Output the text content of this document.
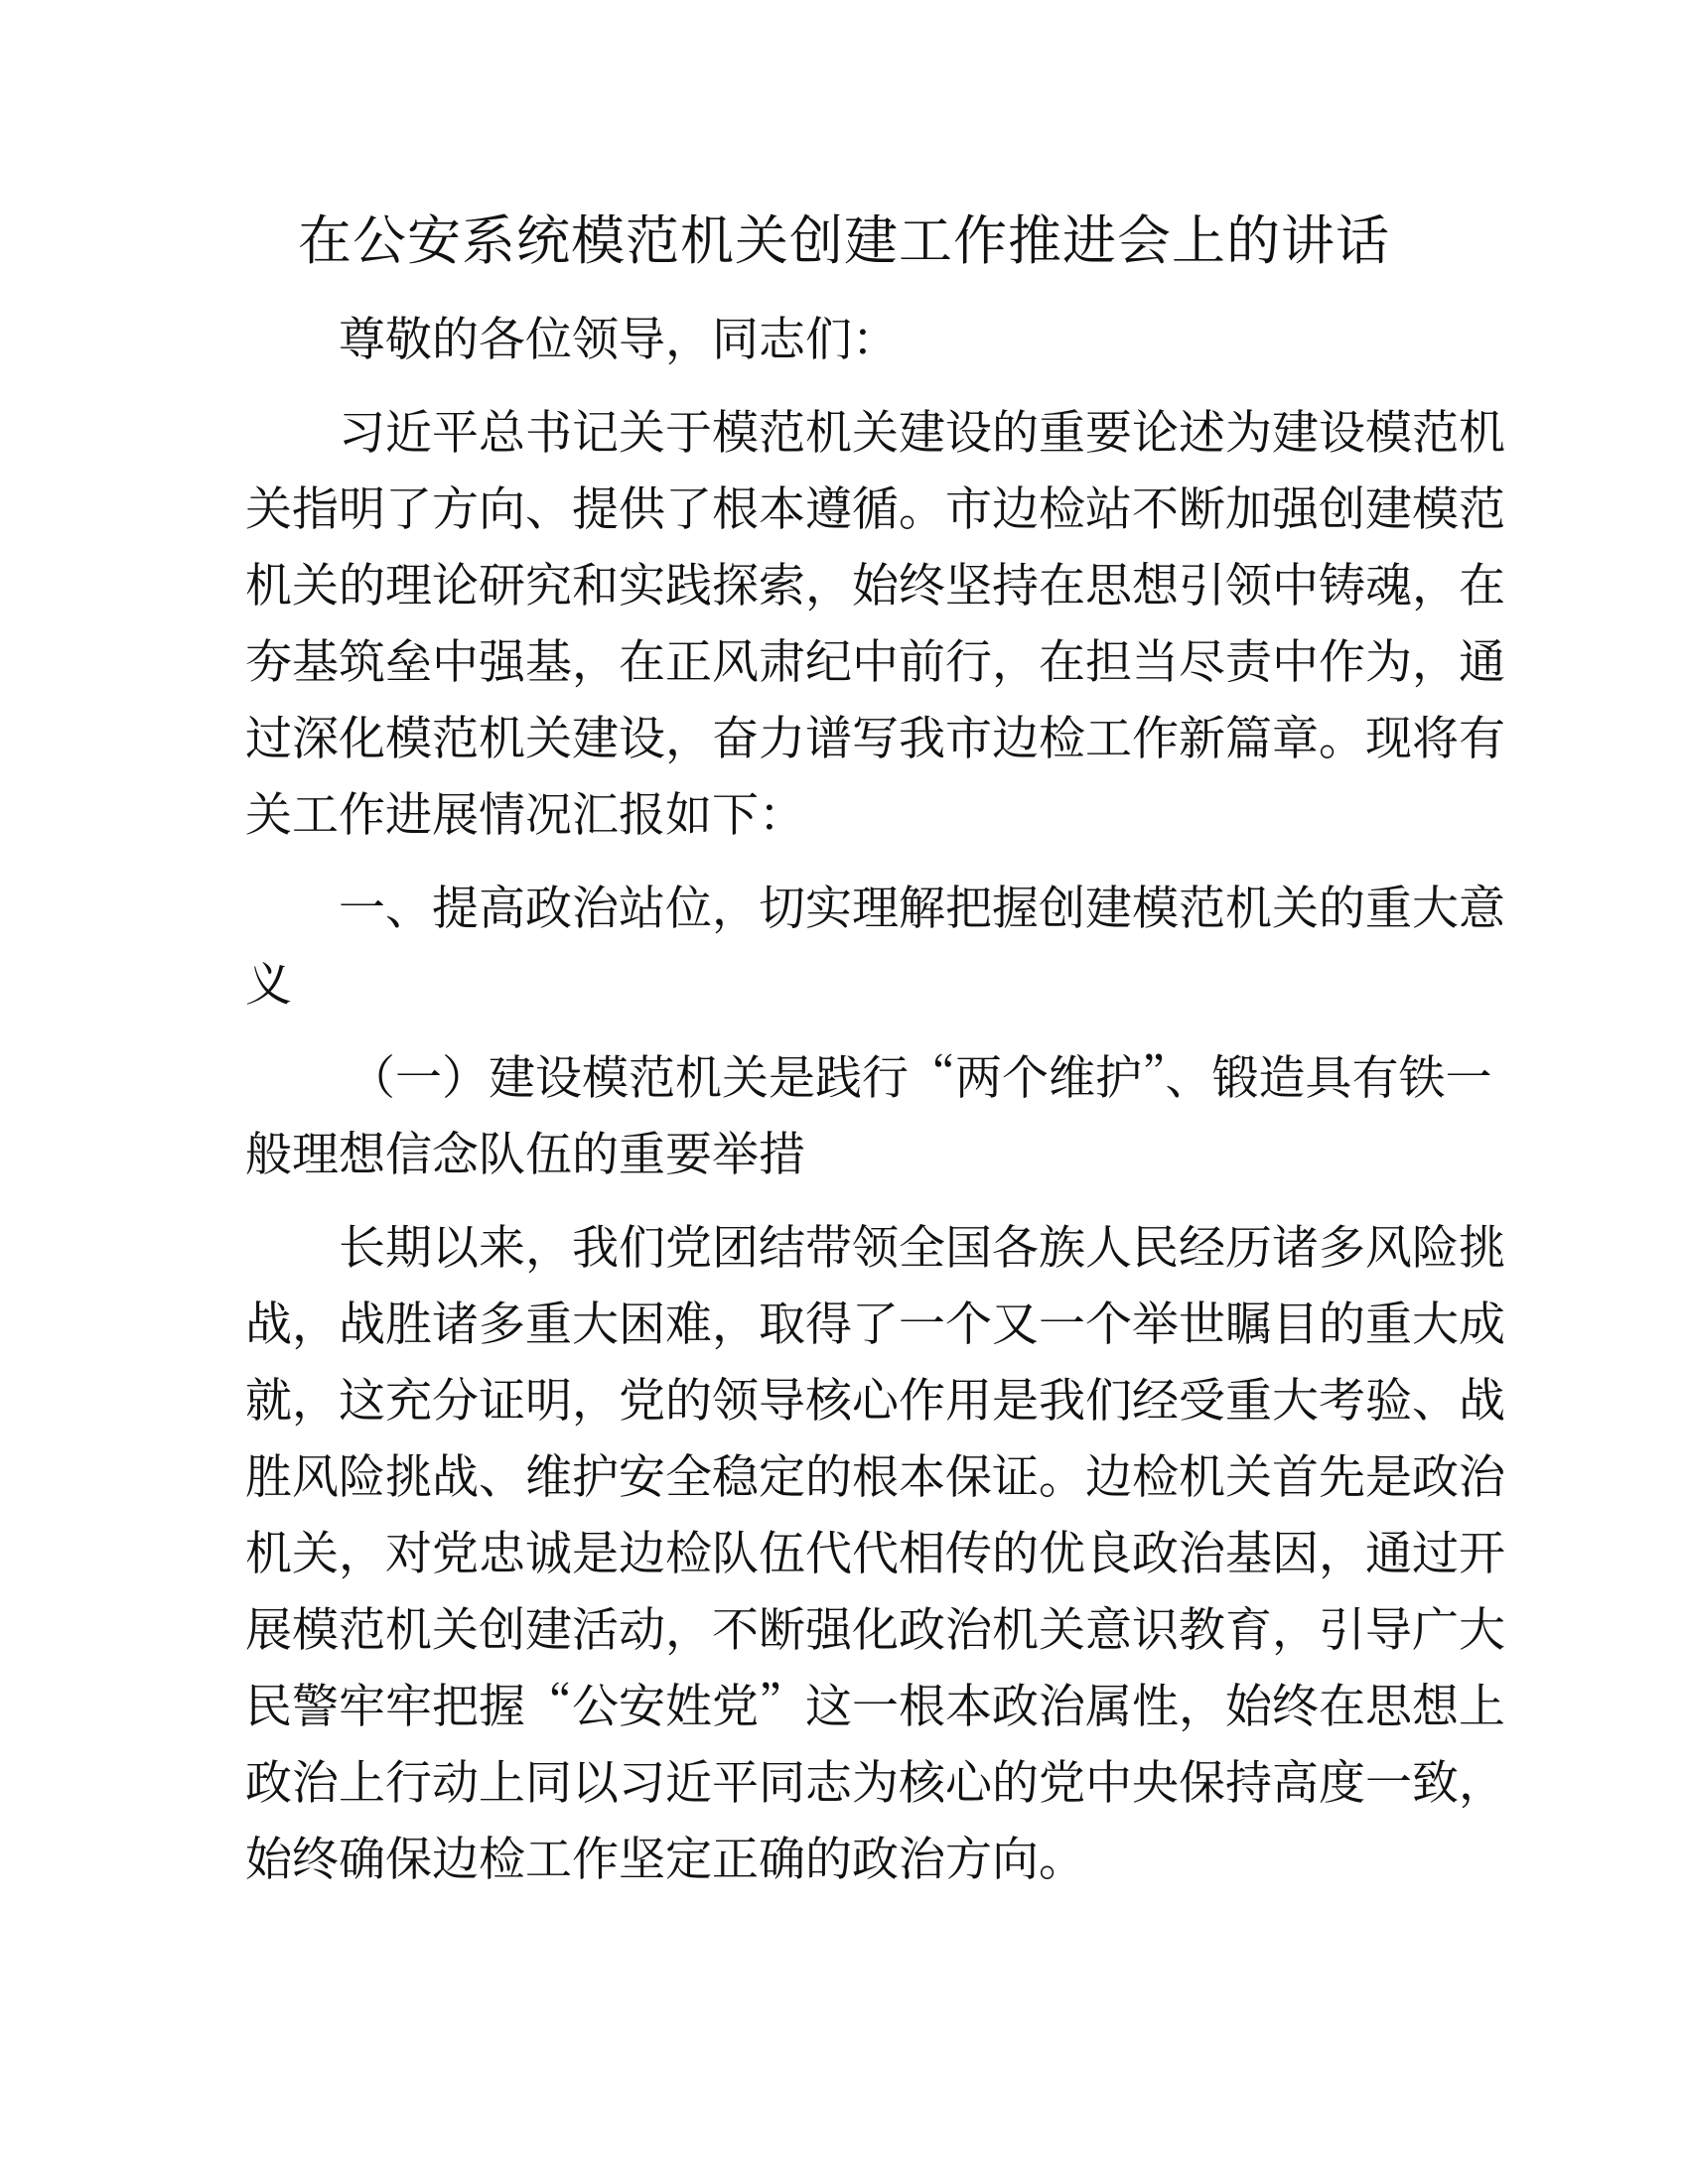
在公安系统模范机关创建工作推进会上的讲话
尊敬的各位领导，同志们：
习近平总书记关于模范机关建设的重要论述为建设模范机
关指明了方向、提供了根本遵循。市边检站不断加强创建模范
机关的理论研究和实践探索，始终坚持在思想引领中铸魂，在
夯基筑垒中强基，在正风肃纪中前行，在担当尽责中作为，通
过深化模范机关建设，奋力谱写我市边检工作新篇章。现将有
关工作进展情况汇报如下：
一、提高政治站位，切实理解把握创建模范机关的重大意
义
（一）建设模范机关是践行“两个维护”、锻造具有铁一
般理想信念队伍的重要举措
长期以来，我们党团结带领全国各族人民经历诸多风险挑
战，战胜诸多重大困难，取得了一个又一个举世瞩目的重大成
就，这充分证明，党的领导核心作用是我们经受重大考验、战
胜风险挑战、维护安全稳定的根本保证。边检机关首先是政治
机关，对党忠诚是边检队伍代代相传的优良政治基因，通过开
展模范机关创建活动，不断强化政治机关意识教育，引导广大
民警牢牢把握“公安姓党”这一根本政治属性，始终在思想上
政治上行动上同以习近平同志为核心的党中央保持高度一致，
始终确保边检工作坚定正确的政治方向。
